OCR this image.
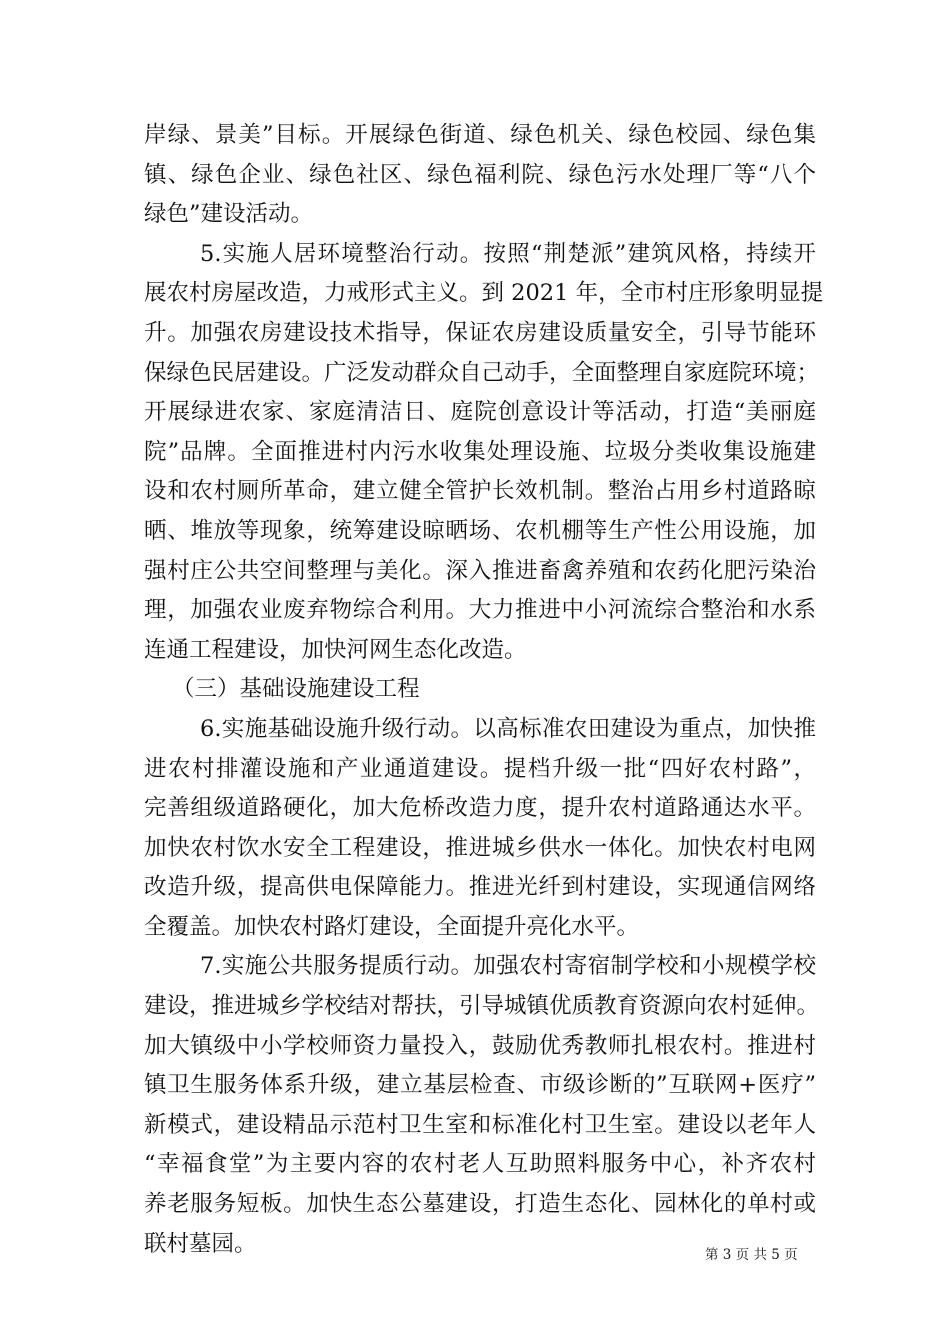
岸绿、景美”目标。开展绿色街道、绿色机关、绿色校园、绿色集
镇、绿色企业、绿色社区、绿色福利院、绿色污水处理厂等“八个
绿色”建设活动。
5.实施人居环境整治行动。按照“荆楚派”建筑风格，持续开
展农村房屋改造，力戒形式主义。到 2021 年，全市村庄形象明显提
升。加强农房建设技术指导，保证农房建设质量安全，引导节能环
保绿色民居建设。广泛发动群众自己动手，全面整理自家庭院环境；
开展绿进农家、家庭清洁日、庭院创意设计等活动，打造“美丽庭
院”品牌。全面推进村内污水收集处理设施、垃圾分类收集设施建
设和农村厕所革命，建立健全管护长效机制。整治占用乡村道路晾
晒、堆放等现象，统筹建设晾晒场、农机棚等生产性公用设施，加
强村庄公共空间整理与美化。深入推进畜禽养殖和农药化肥污染治
理，加强农业废弃物综合利用。大力推进中小河流综合整治和水系
连通工程建设，加快河网生态化改造。
（三）基础设施建设工程
6.实施基础设施升级行动。以高标准农田建设为重点，加快推
进农村排灌设施和产业通道建设。提档升级一批“四好农村路”，
完善组级道路硬化，加大危桥改造力度，提升农村道路通达水平。
加快农村饮水安全工程建设，推进城乡供水一体化。加快农村电网
改造升级，提高供电保障能力。推进光纤到村建设，实现通信网络
全覆盖。加快农村路灯建设，全面提升亮化水平。
7.实施公共服务提质行动。加强农村寄宿制学校和小规模学校
建设，推进城乡学校结对帮扶，引导城镇优质教育资源向农村延伸。
加大镇级中小学校师资力量投入，鼓励优秀教师扎根农村。推进村
镇卫生服务体系升级，建立基层检查、市级诊断的”互联网+医疗”
新模式，建设精品示范村卫生室和标准化村卫生室。建设以老年人
“幸福食堂”为主要内容的农村老人互助照料服务中心，补齐农村
养老服务短板。加快生态公墓建设，打造生态化、园林化的单村或
联村墓园。	第 3 页 共 5 页
